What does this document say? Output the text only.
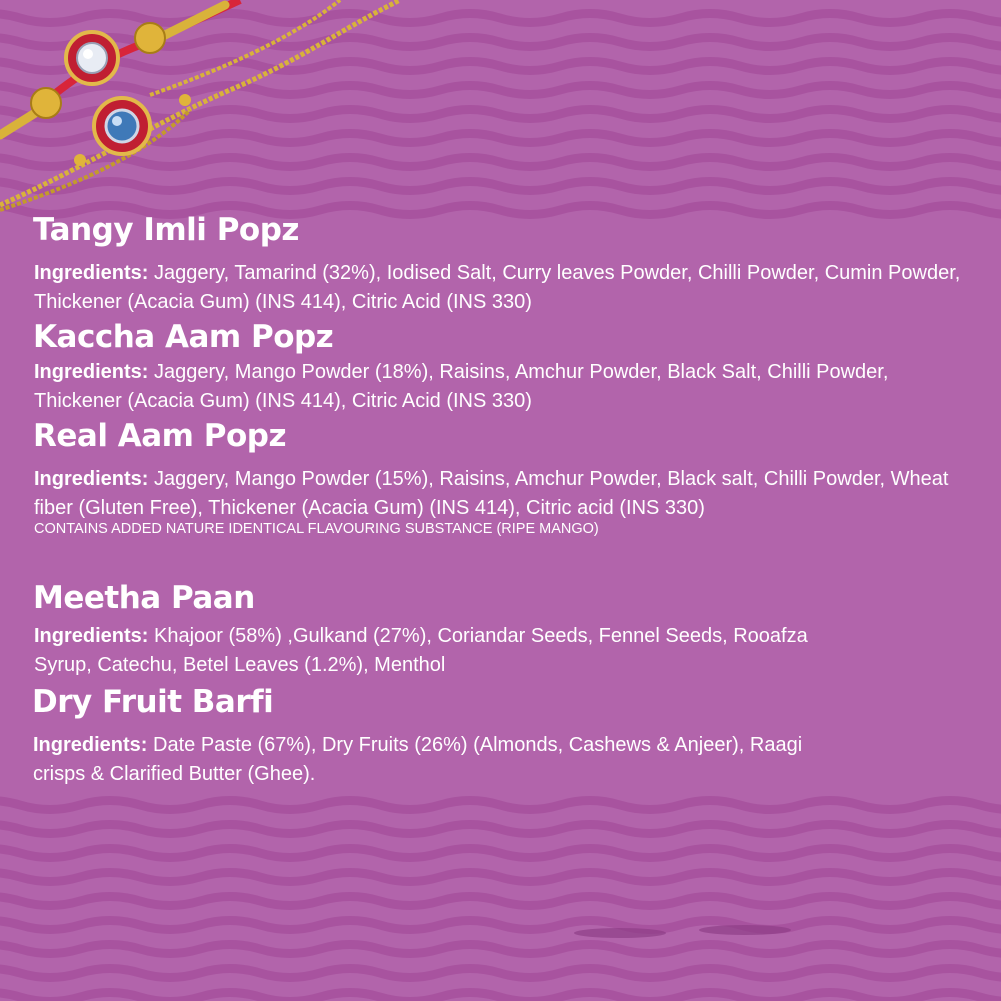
Tangy Imli Popz

Ingredients: Jaggery, Tamarind (32%), Iodised Salt, Curry leaves Powder, Chilli Powder, Cumin Powder, Thickener (Acacia Gum) (INS 414), Citric Acid (INS 330)

Kaccha Aam Popz

Ingredients: Jaggery, Mango Powder (18%), Raisins, Amchur Powder, Black Salt, Chilli Powder, Thickener (Acacia Gum) (INS 414), Citric Acid (INS 330)

Real Aam Popz

Ingredients: Jaggery, Mango Powder (15%), Raisins, Amchur Powder, Black salt, Chilli Powder, Wheat fiber (Gluten Free), Thickener (Acacia Gum) (INS 414), Citric acid (INS 330)

CONTAINS ADDED NATURE IDENTICAL FLAVOURING SUBSTANCE (RIPE MANGO)

Meetha Paan

Ingredients: Khajoor (58%) ,Gulkand (27%), Coriandar Seeds, Fennel Seeds, Rooafza Syrup, Catechu, Betel Leaves (1.2%), Menthol

Dry Fruit Barfi

Ingredients: Date Paste (67%), Dry Fruits (26%) (Almonds, Cashews & Anjeer), Raagi crisps & Clarified Butter (Ghee).
